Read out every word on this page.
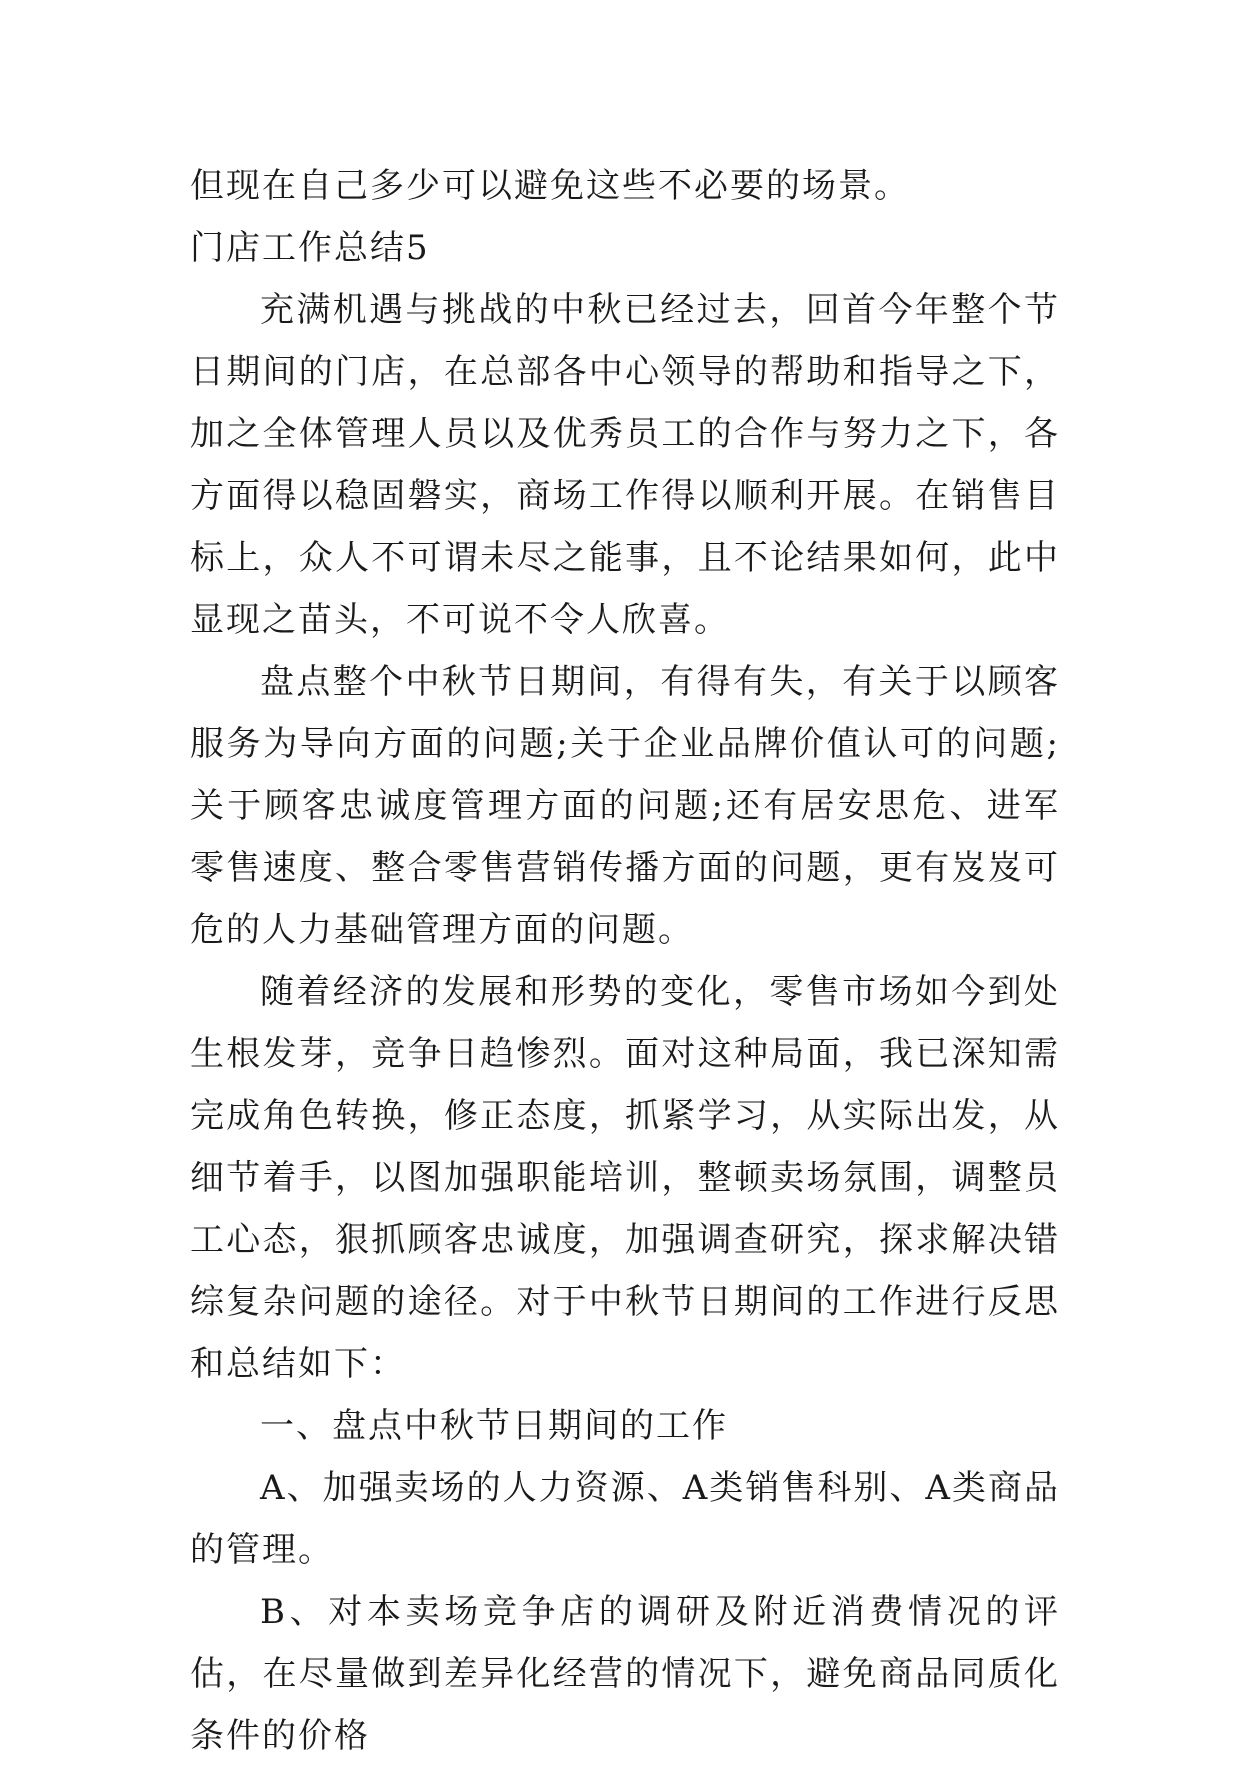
但现在自己多少可以避免这些不必要的场景。

门店工作总结5

充满机遇与挑战的中秋已经过去，回首今年整个节日期间的门店，在总部各中心领导的帮助和指导之下，加之全体管理人员以及优秀员工的合作与努力之下，各方面得以稳固磐实，商场工作得以顺利开展。在销售目标上，众人不可谓未尽之能事，且不论结果如何，此中显现之苗头，不可说不令人欣喜。

盘点整个中秋节日期间，有得有失，有关于以顾客服务为导向方面的问题;关于企业品牌价值认可的问题;关于顾客忠诚度管理方面的问题;还有居安思危、进军零售速度、整合零售营销传播方面的问题，更有岌岌可危的人力基础管理方面的问题。

随着经济的发展和形势的变化，零售市场如今到处生根发芽，竞争日趋惨烈。面对这种局面，我已深知需完成角色转换，修正态度，抓紧学习，从实际出发，从细节着手，以图加强职能培训，整顿卖场氛围，调整员工心态，狠抓顾客忠诚度，加强调查研究，探求解决错综复杂问题的途径。对于中秋节日期间的工作进行反思和总结如下：

一、盘点中秋节日期间的工作

A、加强卖场的人力资源、A类销售科别、A类商品的管理。

B、对本卖场竞争店的调研及附近消费情况的评估，在尽量做到差异化经营的情况下，避免商品同质化条件的价格
